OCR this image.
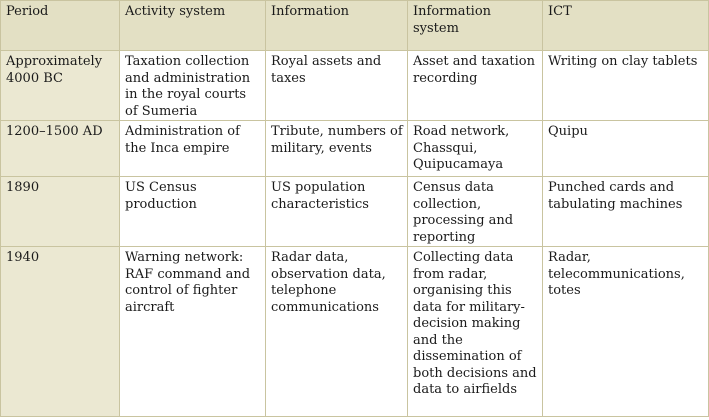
Period	Activity system	Information	Information system	ICT
Approximately 4000 BC	Taxation collection and administration in the royal courts of Sumeria	Royal assets and taxes	Asset and taxation recording	Writing on clay tablets
1200–1500 AD	Administration of the Inca empire	Tribute, numbers of military, events	Road network, Chassqui, Quipucamaya	Quipu
1890	US Census production	US population characteristics	Census data collection, processing and reporting	Punched cards and tabulating machines
1940	Warning network: RAF command and control of fighter aircraft	Radar data, observation data, telephone communications	Collecting data from radar, organising this data for military-decision making and the dissemination of both decisions and data to airfields	Radar, telecommunications, totes
